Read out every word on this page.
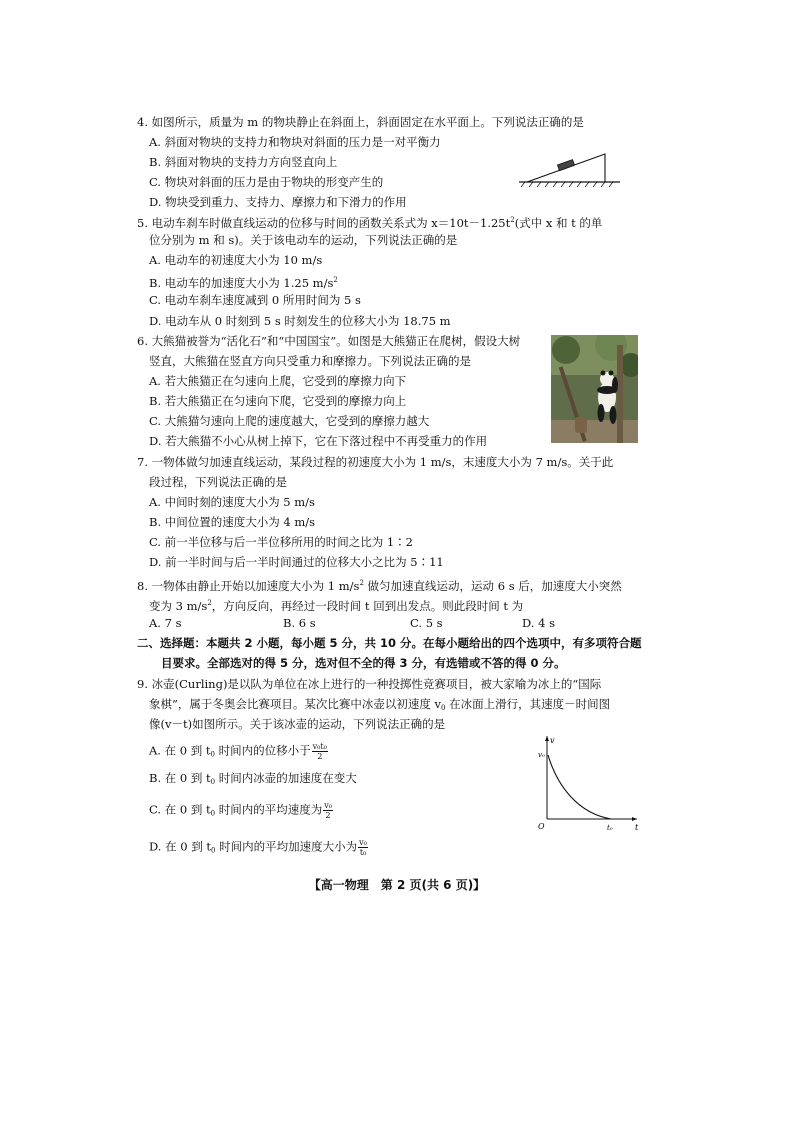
4. 如图所示，质量为 m 的物块静止在斜面上，斜面固定在水平面上。下列说法正确的是
A. 斜面对物块的支持力和物块对斜面的压力是一对平衡力
B. 斜面对物块的支持力方向竖直向上
C. 物块对斜面的压力是由于物块的形变产生的
D. 物块受到重力、支持力、摩擦力和下滑力的作用
5. 电动车刹车时做直线运动的位移与时间的函数关系式为 $x=10t-1.25t^2$(式中 x 和 t 的单
位分别为 m 和 s)。关于该电动车的运动，下列说法正确的是
A. 电动车的初速度大小为 10 m/s
B. 电动车的加速度大小为 1.25 $m/s^2$
C. 电动车刹车速度减到 0 所用时间为 5 s
D. 电动车从 0 时刻到 5 s 时刻发生的位移大小为 18.75 m
6. 大熊猫被誉为“活化石”和“中国国宝”。如图是大熊猫正在爬树，假设大树
竖直，大熊猫在竖直方向只受重力和摩擦力。下列说法正确的是
A. 若大熊猫正在匀速向上爬，它受到的摩擦力向下
B. 若大熊猫正在匀速向下爬，它受到的摩擦力向上
C. 大熊猫匀速向上爬的速度越大，它受到的摩擦力越大
D. 若大熊猫不小心从树上掉下，它在下落过程中不再受重力的作用
7. 一物体做匀加速直线运动，某段过程的初速度大小为 1 m/s，末速度大小为 7 m/s。关于此
段过程，下列说法正确的是
A. 中间时刻的速度大小为 5 m/s
B. 中间位置的速度大小为 4 m/s
C. 前一半位移与后一半位移所用的时间之比为 1∶2
D. 前一半时间与后一半时间通过的位移大小之比为 5∶11
8. 一物体由静止开始以加速度大小为 1 $m/s^2$ 做匀加速直线运动，运动 6 s 后，加速度大小突然
变为 3 $m/s^2$，方向反向，再经过一段时间 t 回到出发点。则此段时间 t 为
A. 7 s	B. 6 s	C. 5 s	D. 4 s
二、选择题：本题共 2 小题，每小题 5 分，共 10 分。在每小题给出的四个选项中，有多项符合题
目要求。全部选对的得 5 分，选对但不全的得 3 分，有选错或不答的得 0 分。
9. 冰壶(Curling)是以队为单位在冰上进行的一种投掷性竞赛项目，被大家喻为冰上的“国际
象棋”，属于冬奥会比赛项目。某次比赛中冰壶以初速度 $v_0$ 在冰面上滑行，其速度－时间图
像(v－t)如图所示。关于该冰壶的运动，下列说法正确的是
A. 在 0 到 $t_0$ 时间内的位移小于 $\frac{\text{v₀t₀}}{2}$
B. 在 0 到 $t_0$ 时间内冰壶的加速度在变大
C. 在 0 到 $t_0$ 时间内的平均速度为 $\frac{\text{v₀}}{2}$
D. 在 0 到 $t_0$ 时间内的平均加速度大小为 $\frac{\text{v₀}}{\text{t₀}}$
v
t
O
v₀
t₀
【高一物理　第 2 页(共 6 页)】
